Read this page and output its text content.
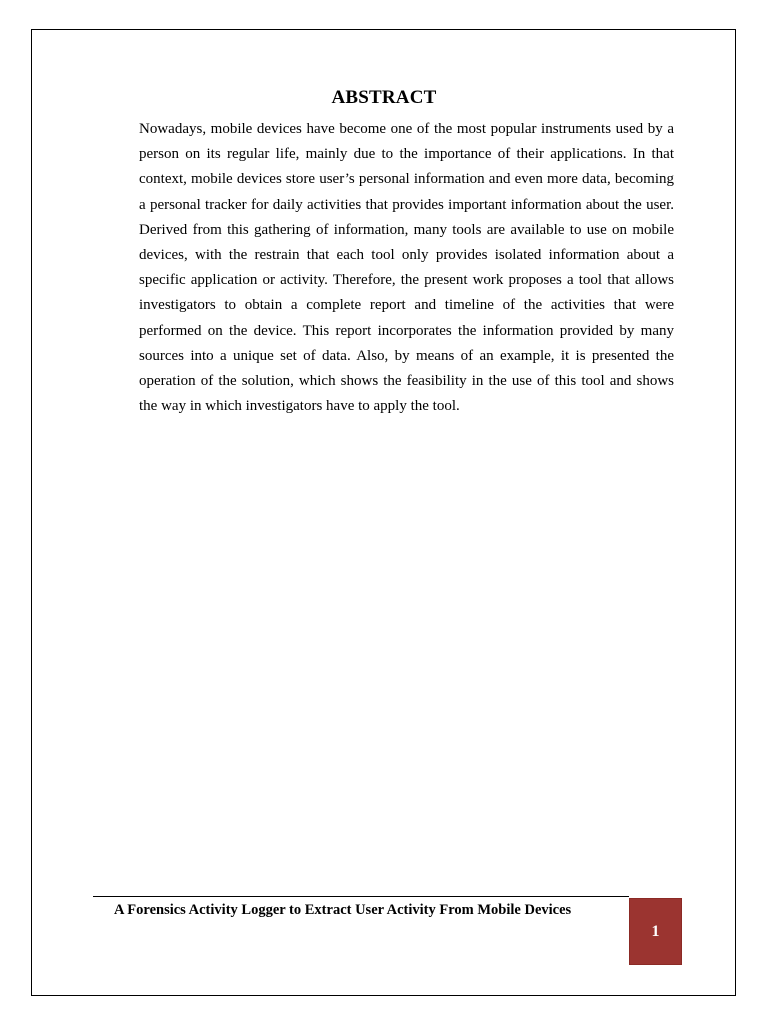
ABSTRACT

Nowadays, mobile devices have become one of the most popular instruments used by a person on its regular life, mainly due to the importance of their applications. In that context, mobile devices store user’s personal information and even more data, becoming a personal tracker for daily activities that provides important information about the user. Derived from this gathering of information, many tools are available to use on mobile devices, with the restrain that each tool only provides isolated information about a specific application or activity. Therefore, the present work proposes a tool that allows investigators to obtain a complete report and timeline of the activities that were performed on the device. This report incorporates the information provided by many sources into a unique set of data. Also, by means of an example, it is presented the operation of the solution, which shows the feasibility in the use of this tool and shows the way in which investigators have to apply the tool.

A Forensics Activity Logger to Extract User Activity From Mobile Devices
1
